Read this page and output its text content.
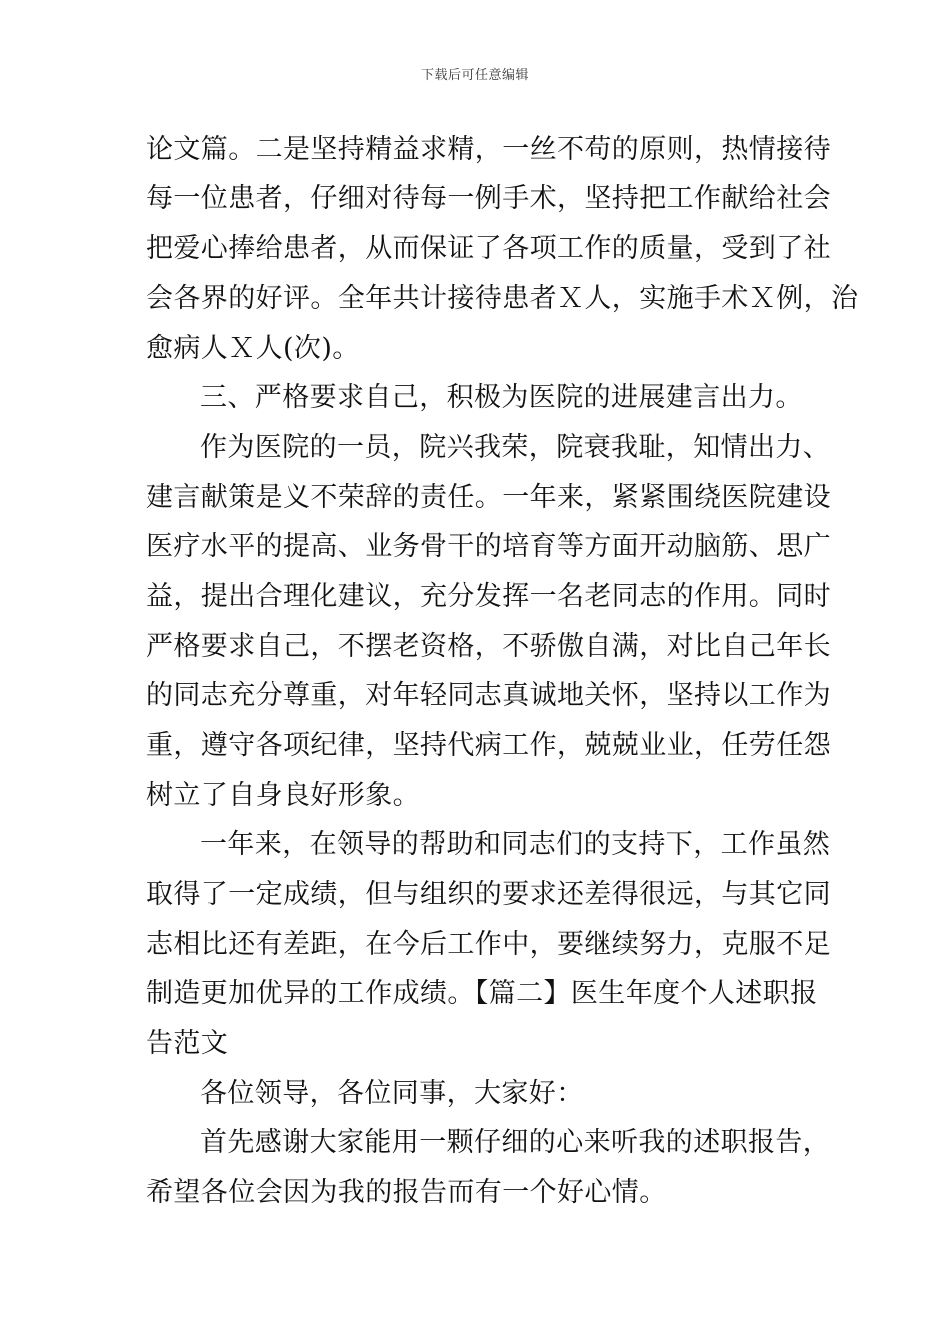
下载后可任意编辑
论文篇。二是坚持精益求精，一丝不苟的原则，热情接待
每一位患者，仔细对待每一例手术，坚持把工作献给社会
把爱心捧给患者，从而保证了各项工作的质量，受到了社
会各界的好评。全年共计接待患者Ｘ人，实施手术Ｘ例，治
愈病人Ｘ人(次)。
三、严格要求自己，积极为医院的进展建言出力。
作为医院的一员，院兴我荣，院衰我耻，知情出力、
建言献策是义不荣辞的责任。一年来，紧紧围绕医院建设
医疗水平的提高、业务骨干的培育等方面开动脑筋、思广
益，提出合理化建议，充分发挥一名老同志的作用。同时
严格要求自己，不摆老资格，不骄傲自满，对比自己年长
的同志充分尊重，对年轻同志真诚地关怀，坚持以工作为
重，遵守各项纪律，坚持代病工作，兢兢业业，任劳任怨
树立了自身良好形象。
一年来，在领导的帮助和同志们的支持下，工作虽然
取得了一定成绩，但与组织的要求还差得很远，与其它同
志相比还有差距，在今后工作中，要继续努力，克服不足
制造更加优异的工作成绩。【篇二】医生年度个人述职报
告范文
各位领导，各位同事，大家好：
首先感谢大家能用一颗仔细的心来听我的述职报告，
希望各位会因为我的报告而有一个好心情。
